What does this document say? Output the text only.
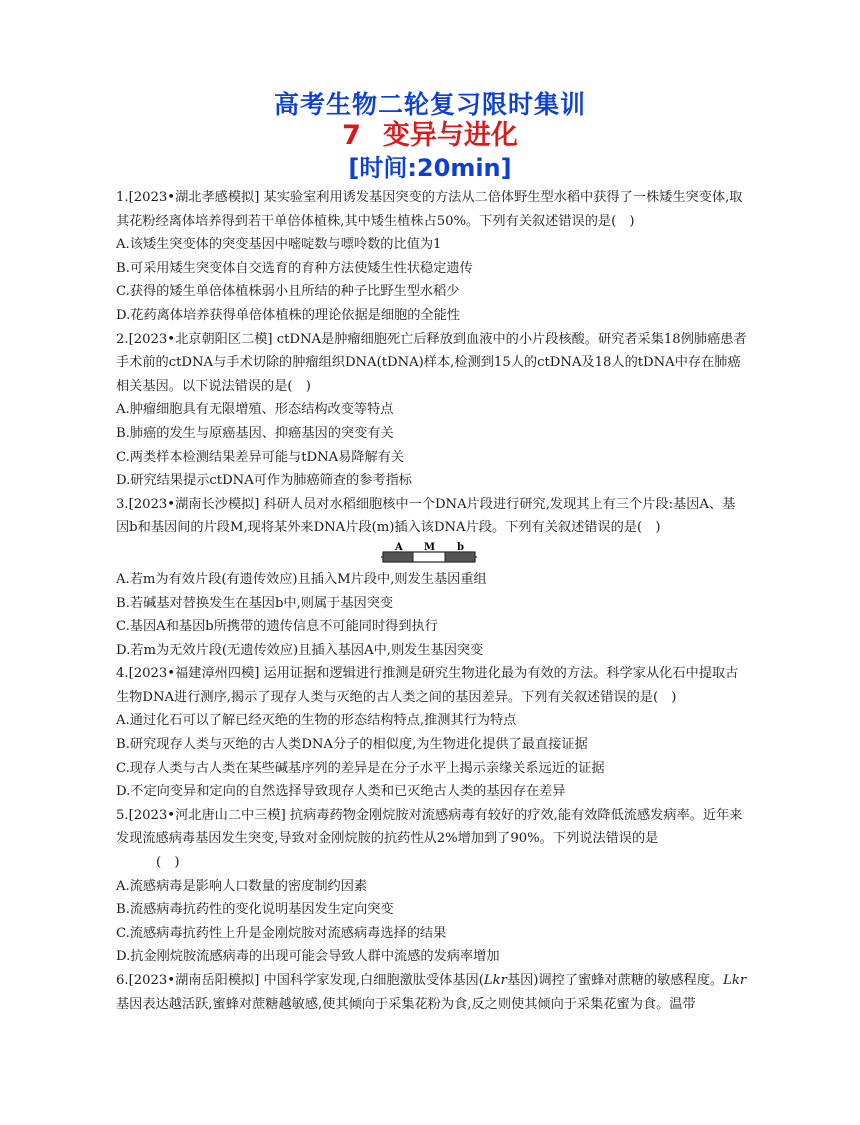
高考生物二轮复习限时集训
7 变异与进化
[时间:20min]
1.[2023•湖北孝感模拟] 某实验室利用诱发基因突变的方法从二倍体野生型水稻中获得了一株矮生突变体,取其花粉经离体培养得到若干单倍体植株,其中矮生植株占50%。下列有关叙述错误的是(　)
A.该矮生突变体的突变基因中嘧啶数与嘌呤数的比值为1
B.可采用矮生突变体自交选育的育种方法使矮生性状稳定遗传
C.获得的矮生单倍体植株弱小且所结的种子比野生型水稻少
D.花药离体培养获得单倍体植株的理论依据是细胞的全能性
2.[2023•北京朝阳区二模] ctDNA是肿瘤细胞死亡后释放到血液中的小片段核酸。研究者采集18例肺癌患者手术前的ctDNA与手术切除的肿瘤组织DNA(tDNA)样本,检测到15人的ctDNA及18人的tDNA中存在肺癌相关基因。以下说法错误的是(　)
A.肿瘤细胞具有无限增殖、形态结构改变等特点
B.肺癌的发生与原癌基因、抑癌基因的突变有关
C.两类样本检测结果差异可能与tDNA易降解有关
D.研究结果提示ctDNA可作为肺癌筛查的参考指标
3.[2023•湖南长沙模拟] 科研人员对水稻细胞核中一个DNA片段进行研究,发现其上有三个片段:基因A、基因b和基因间的片段M,现将某外来DNA片段(m)插入该DNA片段。下列有关叙述错误的是(　)
A M b
A.若m为有效片段(有遗传效应)且插入M片段中,则发生基因重组
B.若碱基对替换发生在基因b中,则属于基因突变
C.基因A和基因b所携带的遗传信息不可能同时得到执行
D.若m为无效片段(无遗传效应)且插入基因A中,则发生基因突变
4.[2023•福建漳州四模] 运用证据和逻辑进行推测是研究生物进化最为有效的方法。科学家从化石中提取古生物DNA进行测序,揭示了现存人类与灭绝的古人类之间的基因差异。下列有关叙述错误的是(　)
A.通过化石可以了解已经灭绝的生物的形态结构特点,推测其行为特点
B.研究现存人类与灭绝的古人类DNA分子的相似度,为生物进化提供了最直接证据
C.现存人类与古人类在某些碱基序列的差异是在分子水平上揭示亲缘关系远近的证据
D.不定向变异和定向的自然选择导致现存人类和已灭绝古人类的基因存在差异
5.[2023•河北唐山二中三模] 抗病毒药物金刚烷胺对流感病毒有较好的疗效,能有效降低流感发病率。近年来发现流感病毒基因发生突变,导致对金刚烷胺的抗药性从2%增加到了90%。下列说法错误的是
(　)
A.流感病毒是影响人口数量的密度制约因素
B.流感病毒抗药性的变化说明基因发生定向突变
C.流感病毒抗药性上升是金刚烷胺对流感病毒选择的结果
D.抗金刚烷胺流感病毒的出现可能会导致人群中流感的发病率增加
6.[2023•湖南岳阳模拟] 中国科学家发现,白细胞激肽受体基因(Lkr基因)调控了蜜蜂对蔗糖的敏感程度。Lkr基因表达越活跃,蜜蜂对蔗糖越敏感,使其倾向于采集花粉为食,反之则使其倾向于采集花蜜为食。温带
